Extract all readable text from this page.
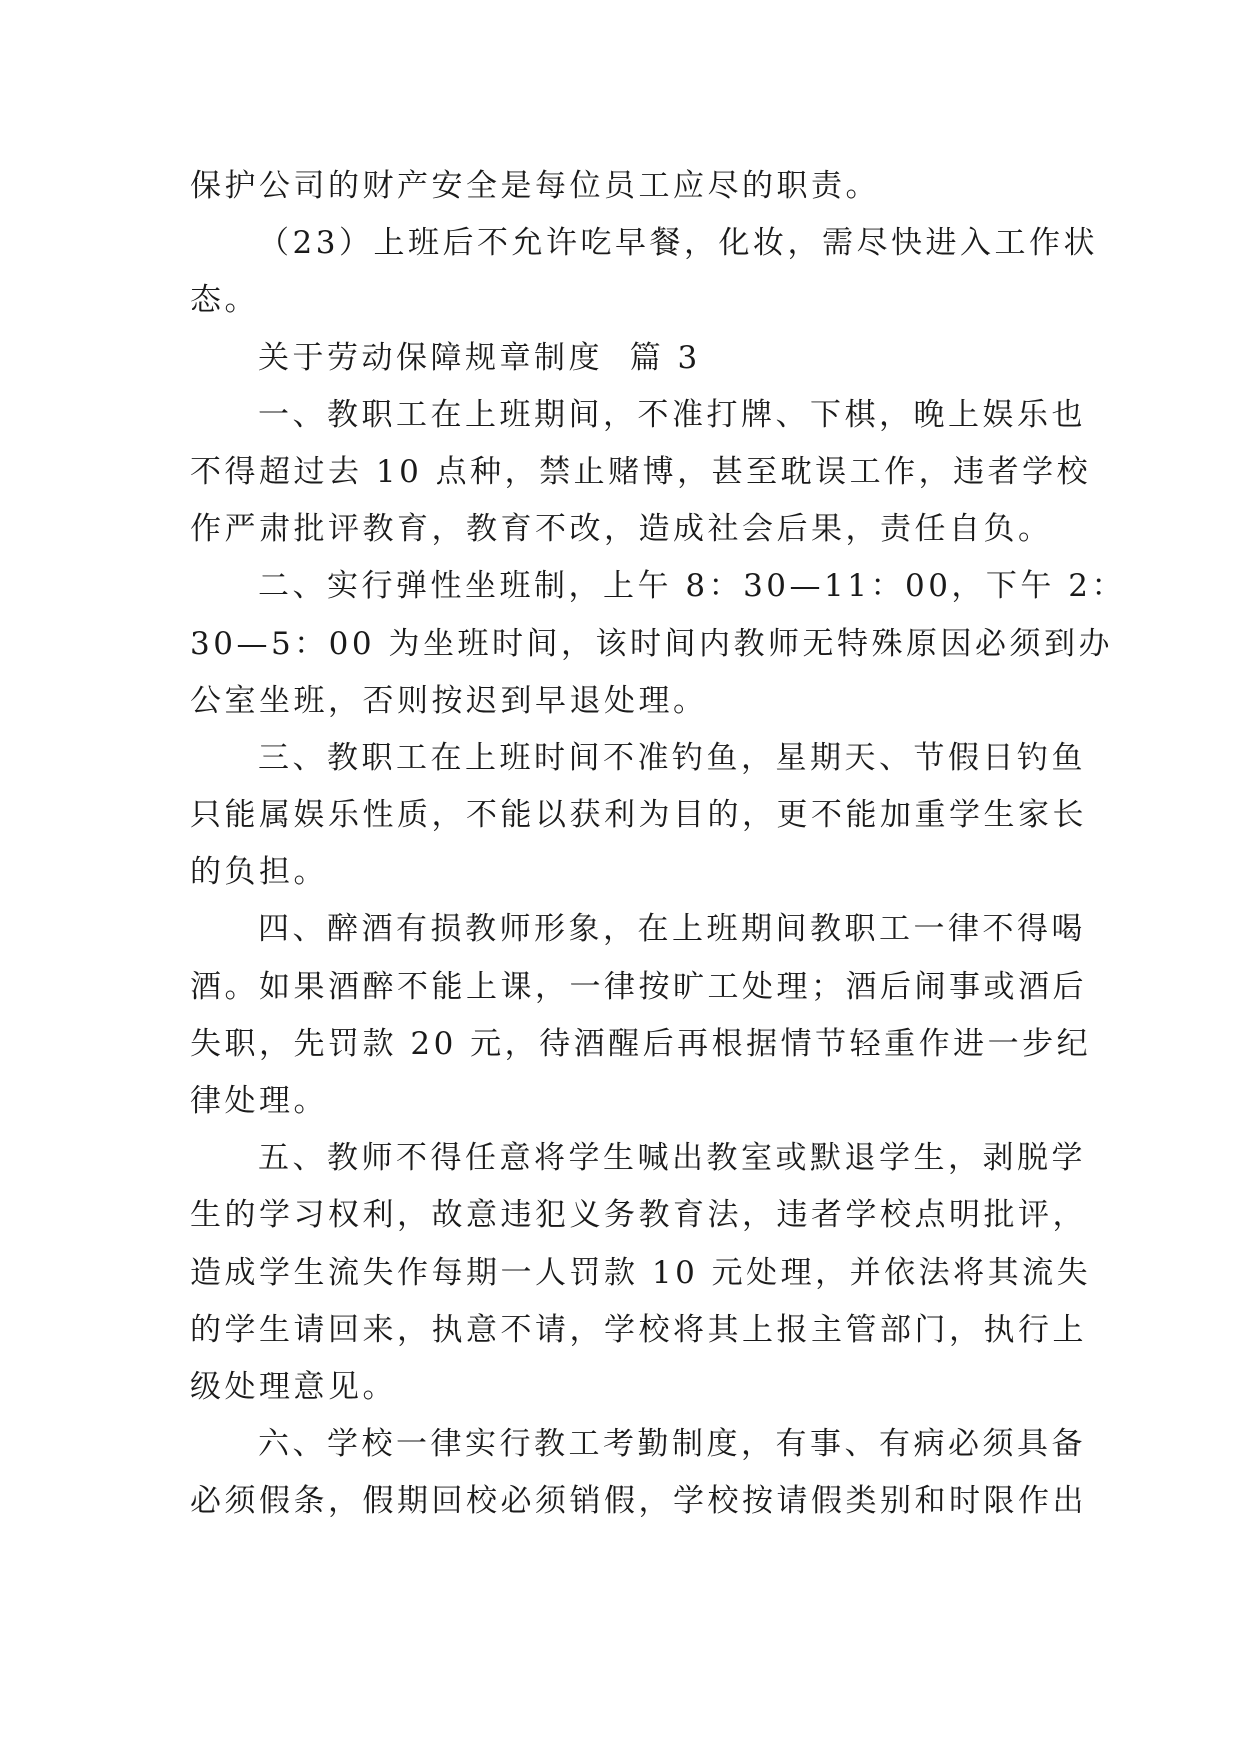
保护公司的财产安全是每位员工应尽的职责。
（23）上班后不允许吃早餐，化妆，需尽快进入工作状
态。
关于劳动保障规章制度  篇 3
一、教职工在上班期间，不准打牌、下棋，晚上娱乐也
不得超过去 10 点种，禁止赌博，甚至耽误工作，违者学校
作严肃批评教育，教育不改，造成社会后果，责任自负。
二、实行弹性坐班制，上午 8：30—11：00，下午 2：
30—5：00 为坐班时间，该时间内教师无特殊原因必须到办
公室坐班，否则按迟到早退处理。
三、教职工在上班时间不准钓鱼，星期天、节假日钓鱼
只能属娱乐性质，不能以获利为目的，更不能加重学生家长
的负担。
四、醉酒有损教师形象，在上班期间教职工一律不得喝
酒。如果酒醉不能上课，一律按旷工处理；酒后闹事或酒后
失职，先罚款 20 元，待酒醒后再根据情节轻重作进一步纪
律处理。
五、教师不得任意将学生喊出教室或默退学生，剥脱学
生的学习权利，故意违犯义务教育法，违者学校点明批评，
造成学生流失作每期一人罚款 10 元处理，并依法将其流失
的学生请回来，执意不请，学校将其上报主管部门，执行上
级处理意见。
六、学校一律实行教工考勤制度，有事、有病必须具备
必须假条，假期回校必须销假，学校按请假类别和时限作出
